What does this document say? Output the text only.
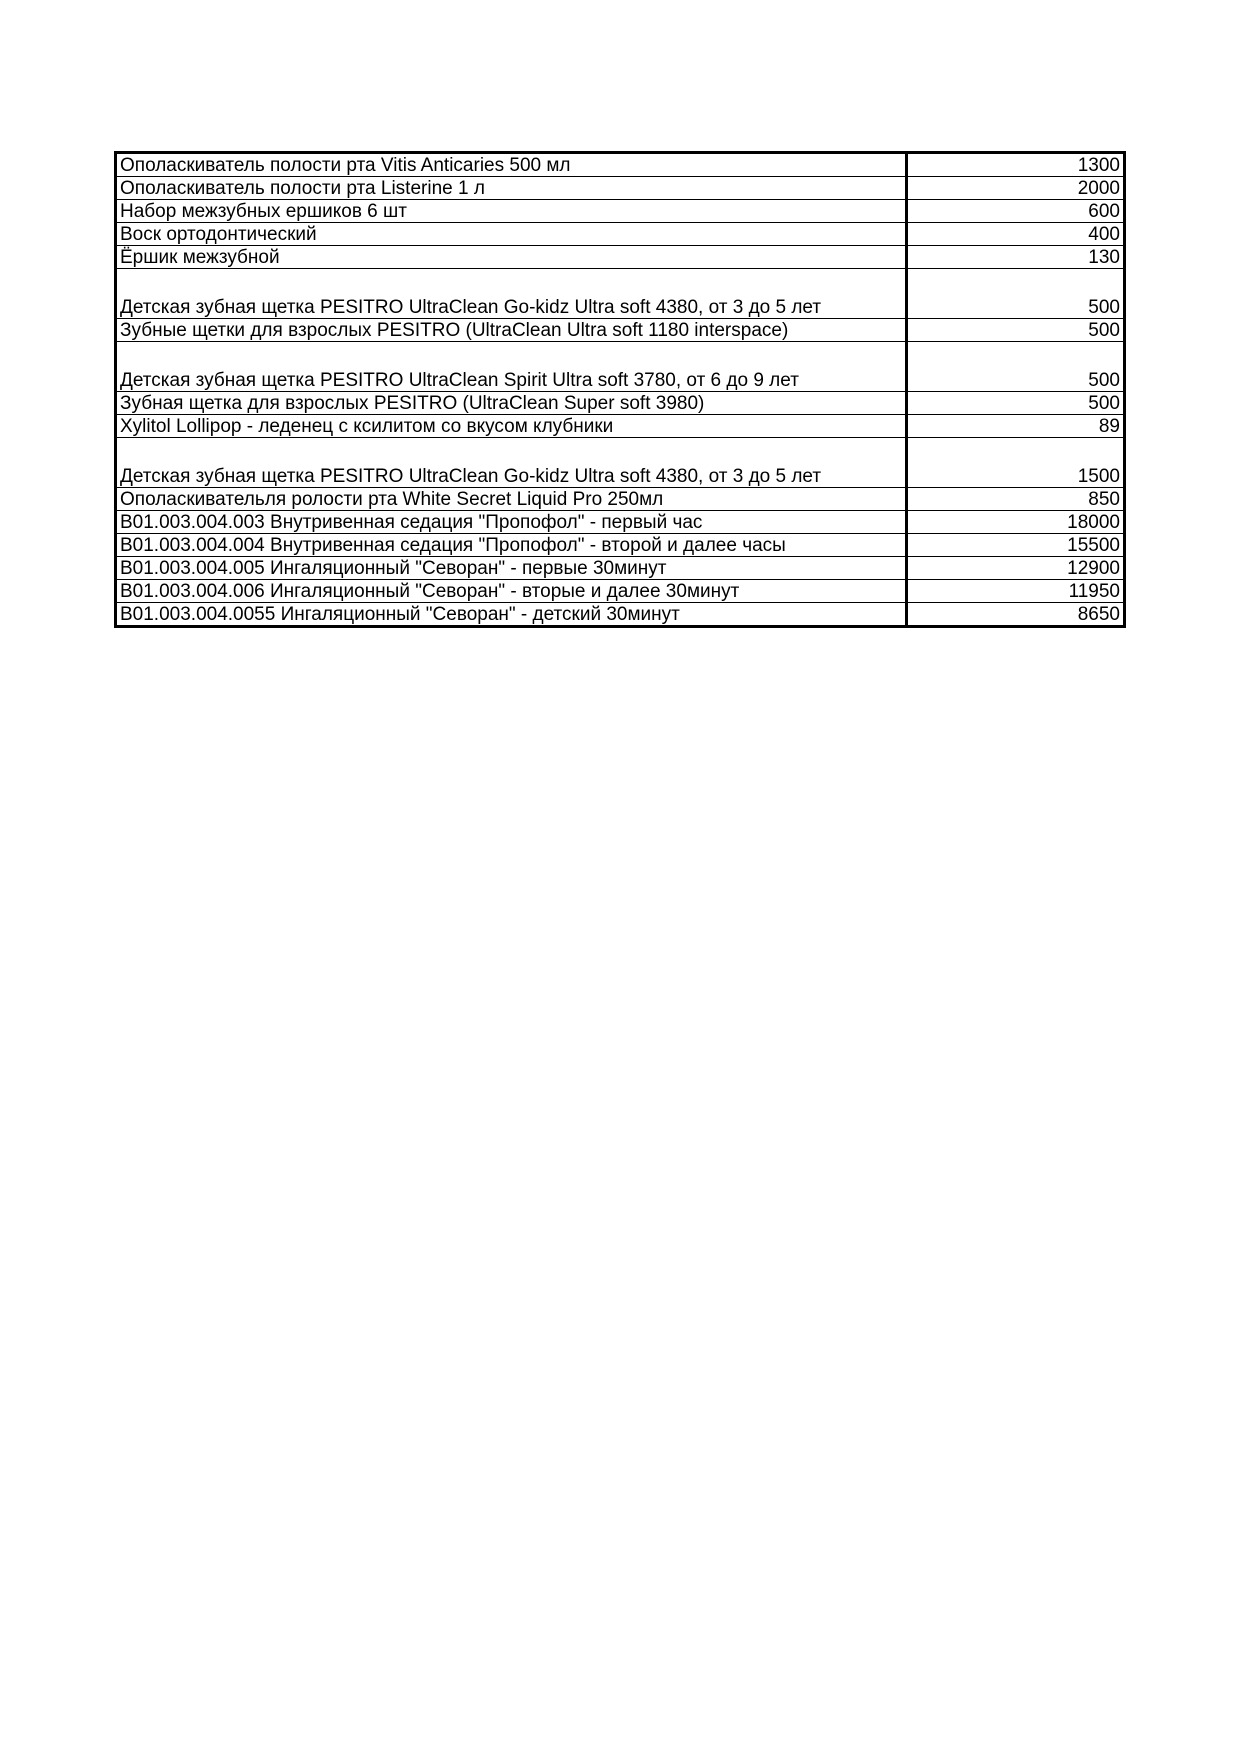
Ополаскиватель полости рта Vitis Anticaries 500 мл	1300
Ополаскиватель полости рта Listerine 1 л	2000
Набор межзубных ершиков 6 шт	600
Воск ортодонтический	400
Ёршик межзубной	130
Детская зубная щетка PESITRO UltraClean Go-kidz Ultra soft 4380, от 3 до 5 лет	500
Зубные щетки для взрослых PESITRO (UltraClean Ultra soft 1180 interspace)	500
Детская зубная щетка PESITRO UltraClean Spirit Ultra soft 3780, от 6 до 9 лет	500
Зубная щетка для взрослых PESITRO (UltraClean Super soft 3980)	500
Xylitol Lollipop - леденец с ксилитом со вкусом клубники	89
Детская зубная щетка PESITRO UltraClean Go-kidz Ultra soft 4380, от 3 до 5 лет	1500
Ополаскивательля ролости рта White Secret Liquid Pro 250мл	850
B01.003.004.003 Внутривенная седация "Пропофол" - первый час	18000
B01.003.004.004 Внутривенная седация "Пропофол" - второй и далее часы	15500
B01.003.004.005 Ингаляционный "Севоран" - первые 30минут	12900
B01.003.004.006 Ингаляционный "Севоран" - вторые и далее 30минут	11950
B01.003.004.0055 Ингаляционный "Севоран" - детский 30минут	8650
